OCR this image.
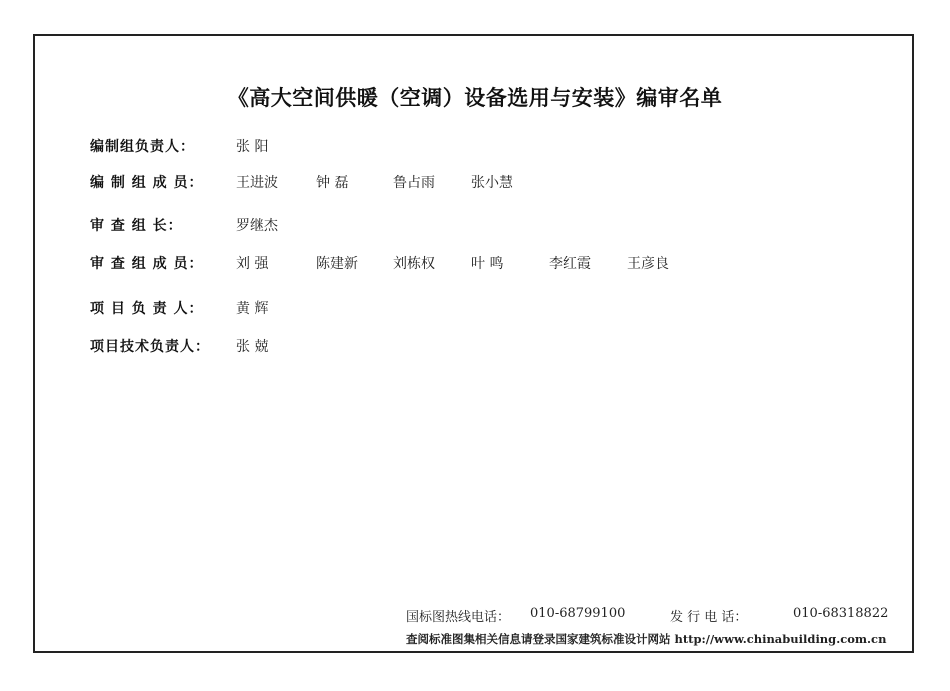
《高大空间供暖（空调）设备选用与安装》编审名单
编制组负责人：	张 阳
编 制 组 成 员：	王进波	钟 磊	鲁占雨	张小慧
审 查 组 长：	罗继杰
审 查 组 成 员：	刘 强	陈建新	刘栋权	叶 鸣	李红霞	王彦良
项 目 负 责 人：	黄 辉
项目技术负责人：	张 兢
国标图热线电话： 010-68799100	发 行 电 话：	010-68318822
查阅标准图集相关信息请登录国家建筑标准设计网站 http://www.chinabuilding.com.cn
